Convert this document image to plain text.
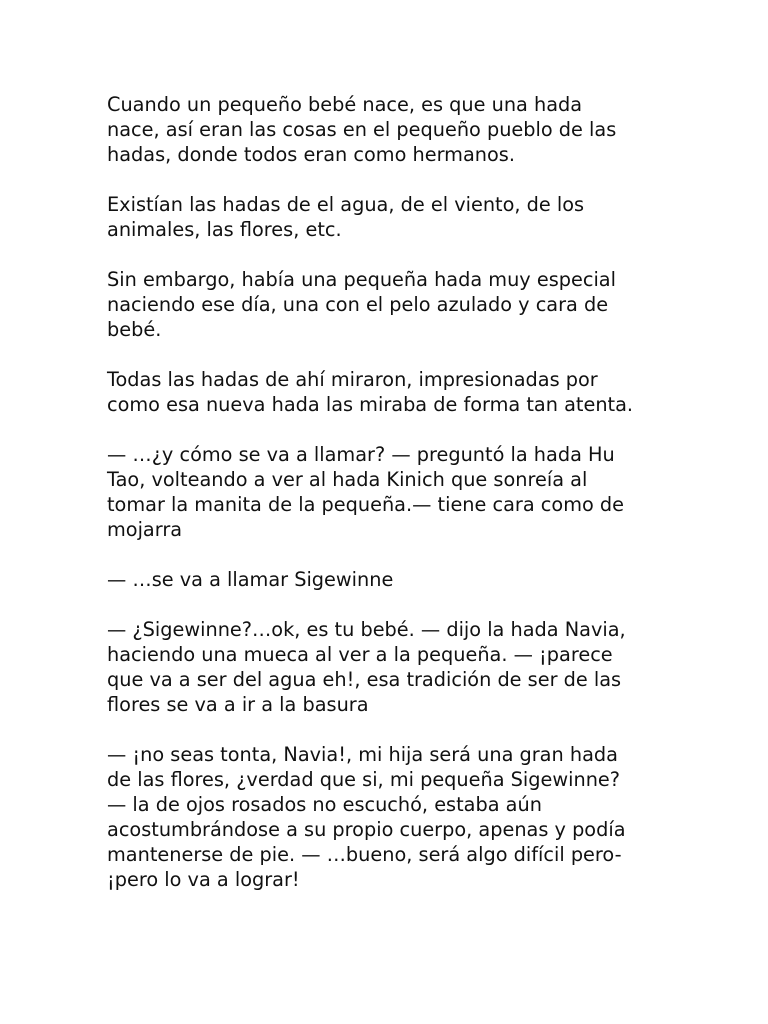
Cuando un pequeño bebé nace, es que una hada
nace, así eran las cosas en el pequeño pueblo de las
hadas, donde todos eran como hermanos.
Existían las hadas de el agua, de el viento, de los
animales, las flores, etc.
Sin embargo, había una pequeña hada muy especial
naciendo ese día, una con el pelo azulado y cara de
bebé.
Todas las hadas de ahí miraron, impresionadas por
como esa nueva hada las miraba de forma tan atenta.
— …¿y cómo se va a llamar? — preguntó la hada Hu
Tao, volteando a ver al hada Kinich que sonreía al
tomar la manita de la pequeña.— tiene cara como de
mojarra
— …se va a llamar Sigewinne
— ¿Sigewinne?…ok, es tu bebé. — dijo la hada Navia,
haciendo una mueca al ver a la pequeña. — ¡parece
que va a ser del agua eh!, esa tradición de ser de las
flores se va a ir a la basura
— ¡no seas tonta, Navia!, mi hija será una gran hada
de las flores, ¿verdad que si, mi pequeña Sigewinne?
— la de ojos rosados no escuchó, estaba aún
acostumbrándose a su propio cuerpo, apenas y podía
mantenerse de pie. — …bueno, será algo difícil pero-
¡pero lo va a lograr!
